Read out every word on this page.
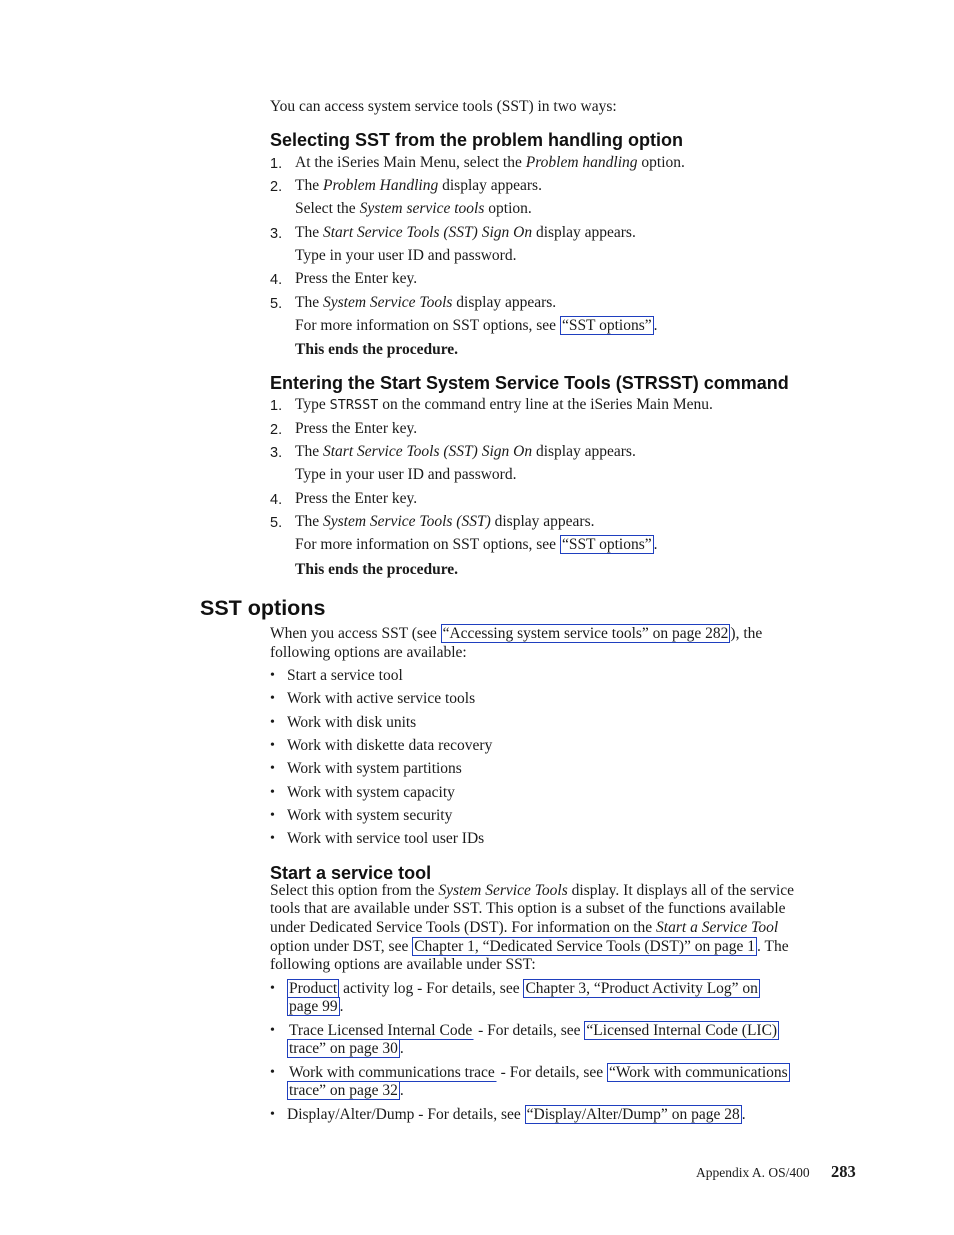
You can access system service tools (SST) in two ways:
Selecting SST from the problem handling option
1. At the iSeries Main Menu, select the Problem handling option.
2. The Problem Handling display appears.
Select the System service tools option.
3. The Start Service Tools (SST) Sign On display appears.
Type in your user ID and password.
4. Press the Enter key.
5. The System Service Tools display appears.
For more information on SST options, see “SST options” .
This ends the procedure.
Entering the Start System Service Tools (STRSST) command
1. Type STRSST on the command entry line at the iSeries Main Menu.
2. Press the Enter key.
3. The Start Service Tools (SST) Sign On display appears.
Type in your user ID and password.
4. Press the Enter key.
5. The System Service Tools (SST) display appears.
For more information on SST options, see “SST options” .
This ends the procedure.
SST options
When you access SST (see “Accessing system service tools” on page 282 ), the
following options are available:
• Start a service tool
• Work with active service tools
• Work with disk units
• Work with diskette data recovery
• Work with system partitions
• Work with system capacity
• Work with system security
• Work with service tool user IDs
Start a service tool
Select this option from the System Service Tools display. It displays all of the service
tools that are available under SST. This option is a subset of the functions available
under Dedicated Service Tools (DST). For information on the Start a Service Tool
option under DST, see Chapter 1, “Dedicated Service Tools (DST)” on page 1 . The
following options are available under SST:
• Product activity log - For details, see Chapter 3, “Product Activity Log” on
page 99 .
• Trace Licensed Internal Code - For details, see “Licensed Internal Code (LIC)
trace” on page 30 .
• Work with communications trace - For details, see “Work with communications
trace” on page 32 .
• Display/Alter/Dump - For details, see “Display/Alter/Dump” on page 28 .
Appendix A. OS/400 283
